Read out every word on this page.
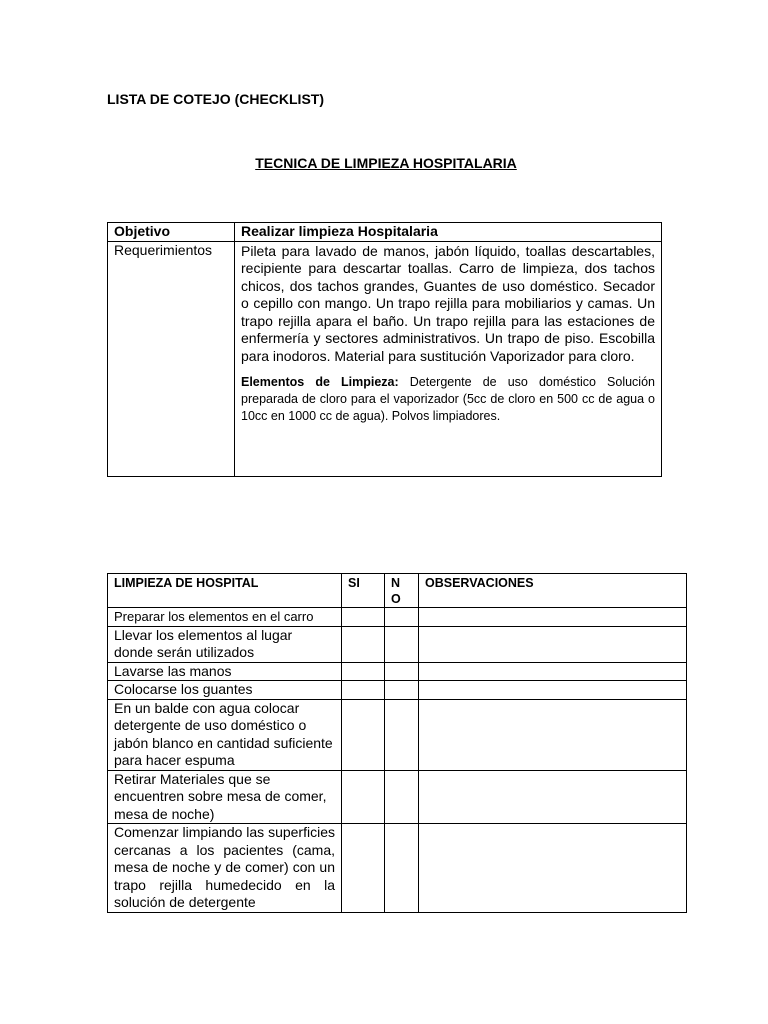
LISTA DE COTEJO (CHECKLIST)
TECNICA DE LIMPIEZA HOSPITALARIA
Objetivo	Realizar limpieza Hospitalaria
Requerimientos	Pileta para lavado de manos, jabón líquido, toallas descartables, recipiente para descartar toallas. Carro de limpieza, dos tachos chicos, dos tachos grandes, Guantes de uso doméstico. Secador o cepillo con mango. Un trapo rejilla para mobiliarios y camas. Un trapo rejilla apara el baño. Un trapo rejilla para las estaciones de enfermería y sectores administrativos. Un trapo de piso. Escobilla para inodoros. Material para sustitución Vaporizador para cloro.

Elementos de Limpieza: Detergente de uso doméstico Solución preparada de cloro para el vaporizador (5cc de cloro en 500 cc de agua o 10cc en 1000 cc de agua). Polvos limpiadores.

LIMPIEZA DE HOSPITAL	SI	NO	OBSERVACIONES
Preparar los elementos en el carro			
Llevar los elementos al lugar donde serán utilizados			
Lavarse las manos			
Colocarse los guantes			
En un balde con agua colocar detergente de uso doméstico o jabón blanco en cantidad suficiente para hacer espuma			
Retirar Materiales que se encuentren sobre mesa de comer, mesa de noche)			
Comenzar limpiando las superficies cercanas a los pacientes (cama, mesa de noche y de comer) con un trapo rejilla humedecido en la solución de detergente			
